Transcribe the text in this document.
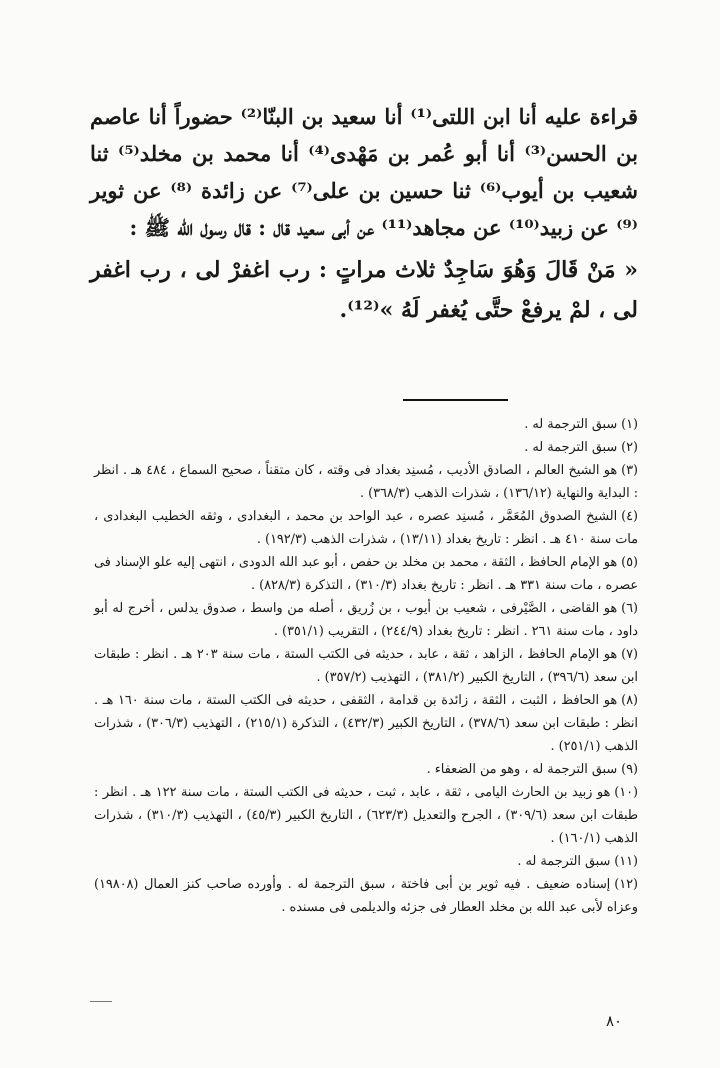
قراءة عليه أنا ابن اللتى⁽¹⁾ أنا سعيد بن البنّا⁽²⁾ حضوراً أنا عاصم بن الحسن⁽³⁾ أنا أبو عُمر بن مَهْدى⁽⁴⁾ أنا محمد بن مخلد⁽⁵⁾ ثنا شعيب بن أيوب⁽⁶⁾ ثنا حسين بن على⁽⁷⁾ عن زائدة ⁽⁸⁾ عن ثوير ⁽⁹⁾ عن زبيد⁽¹⁰⁾ عن مجاهد⁽¹¹⁾ عن أبى سعيد قال : قال رسول الله ﷺ :

« مَنْ قَالَ وَهُوَ سَاجِدٌ ثلاث مراتٍ : رب اغفرْ لى ، رب اغفر لى ، لمْ يرفعْ حتَّى يُغفر لَهُ »⁽¹²⁾.

(١)سبق الترجمة له .

(٢)سبق الترجمة له .

(٣)هو الشيخ العالم ، الصادق الأديب ، مُسنِد بغداد فى وقته ، كان متقناً ، صحيح السماع ، ٤٨٤ هـ . انظر : البداية والنهاية (١٣٦/١٢) ، شذرات الذهب (٣٦٨/٣) .

(٤)الشيخ الصدوق المُعَمَّر ، مُسنِد عصره ، عبد الواحد بن محمد ، البغدادى ، وثقه الخطيب البغدادى ، مات سنة ٤١٠ هـ . انظر : تاريخ بغداد (١٣/١١) ، شذرات الذهب (١٩٢/٣) .

(٥)هو الإمام الحافظ ، الثقة ، محمد بن مخلد بن حفص ، أبو عبد الله الدودى ، انتهى إليه علو الإسناد فى عصره ، مات سنة ٣٣١ هـ . انظر : تاريخ بغداد (٣١٠/٣) ، التذكرة (٨٢٨/٣) .

(٦)هو القاضى ، الصَّيْرفى ، شعيب بن أيوب ، بن زُريق ، أصله من واسط ، صدوق يدلس ، أخرج له أبو داود ، مات سنة ٢٦١ . انظر : تاريخ بغداد (٢٤٤/٩) ، التقريب (٣٥١/١) .

(٧)هو الإمام الحافظ ، الزاهد ، ثقة ، عابد ، حديثه فى الكتب الستة ، مات سنة ٢٠٣ هـ . انظر : طبقات ابن سعد (٣٩٦/٦) ، التاريخ الكبير (٣٨١/٢) ، التهذيب (٣٥٧/٢) .

(٨)هو الحافظ ، الثبت ، الثقة ، زائدة بن قدامة ، الثقفى ، حديثه فى الكتب الستة ، مات سنة ١٦٠ هـ . انظر : طبقات ابن سعد (٣٧٨/٦) ، التاريخ الكبير (٤٣٢/٣) ، التذكرة (٢١٥/١) ، التهذيب (٣٠٦/٣) ، شذرات الذهب (٢٥١/١) .

(٩)سبق الترجمة له ، وهو من الضعفاء .

(١٠)هو زبيد بن الحارث اليامى ، ثقة ، عابد ، ثبت ، حديثه فى الكتب الستة ، مات سنة ١٢٢ هـ . انظر : طبقات ابن سعد (٣٠٩/٦) ، الجرح والتعديل (٦٢٣/٣) ، التاريخ الكبير (٤٥/٣) ، التهذيب (٣١٠/٣) ، شذرات الذهب (١٦٠/١) .

(١١)سبق الترجمة له .

(١٢)إسناده ضعيف . فيه ثوير بن أبى فاختة ، سبق الترجمة له . وأورده صاحب كنز العمال (١٩٨٠٨) وعزاه لأبى عبد الله بن مخلد العطار فى جزئه والديلمى فى مسنده .

٨٠
